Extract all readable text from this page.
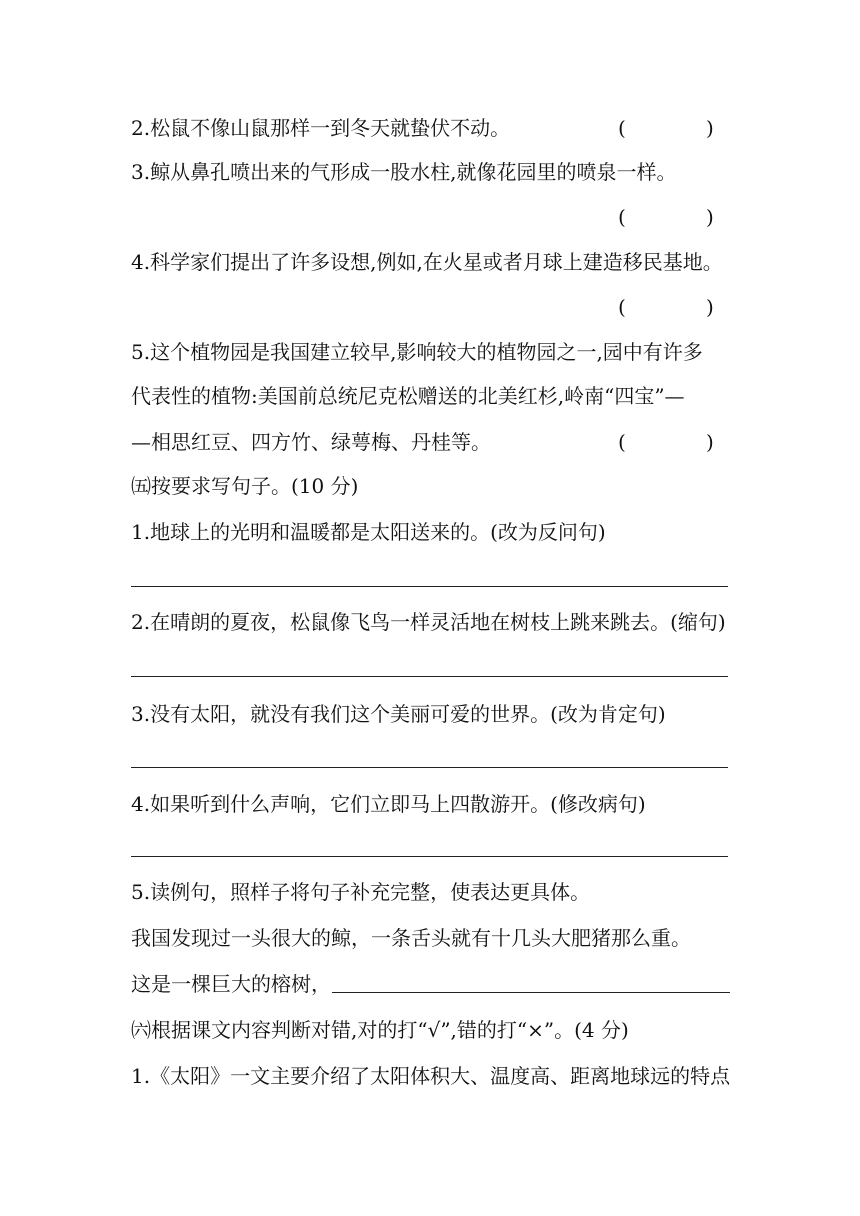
2.松鼠不像山鼠那样一到冬天就蛰伏不动。	(	)
3.鲸从鼻孔喷出来的气形成一股水柱,就像花园里的喷泉一样。
(	)
4.科学家们提出了许多设想,例如,在火星或者月球上建造移民基地。
(	)
5.这个植物园是我国建立较早,影响较大的植物园之一,园中有许多
代表性的植物:美国前总统尼克松赠送的北美红杉,岭南“四宝”—
—相思红豆、四方竹、绿萼梅、丹桂等。	(	)
㈤按要求写句子。(10 分)
1.地球上的光明和温暖都是太阳送来的。(改为反问句)
2.在晴朗的夏夜，松鼠像飞鸟一样灵活地在树枝上跳来跳去。(缩句)
3.没有太阳，就没有我们这个美丽可爱的世界。(改为肯定句)
4.如果听到什么声响，它们立即马上四散游开。(修改病句)
5.读例句，照样子将句子补充完整，使表达更具体。
我国发现过一头很大的鲸，一条舌头就有十几头大肥猪那么重。
这是一棵巨大的榕树，
㈥根据课文内容判断对错,对的打“√”,错的打“×”。(4 分)
1.《太阳》一文主要介绍了太阳体积大、温度高、距离地球远的特点
